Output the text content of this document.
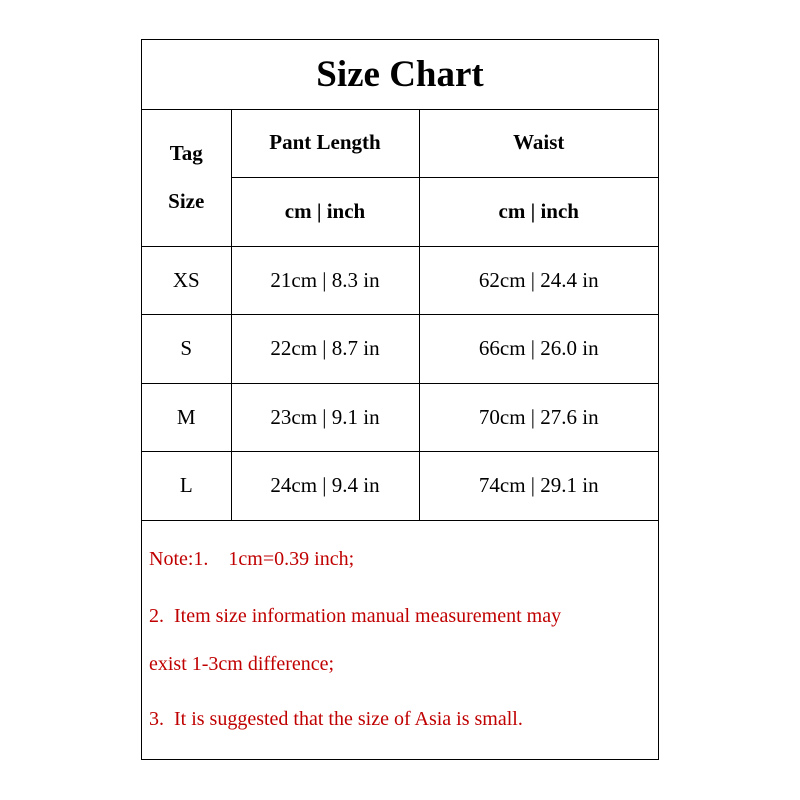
Size Chart
Tag
Size	Pant Length	Waist
	cm | inch	cm | inch
XS	21cm | 8.3 in	62cm | 24.4 in
S	22cm | 8.7 in	66cm | 26.0 in
M	23cm | 9.1 in	70cm | 27.6 in
L	24cm | 9.4 in	74cm | 29.1 in
Note:1.    1cm=0.39 inch;
2.  Item size information manual measurement may
exist 1-3cm difference;
3.  It is suggested that the size of Asia is small.
